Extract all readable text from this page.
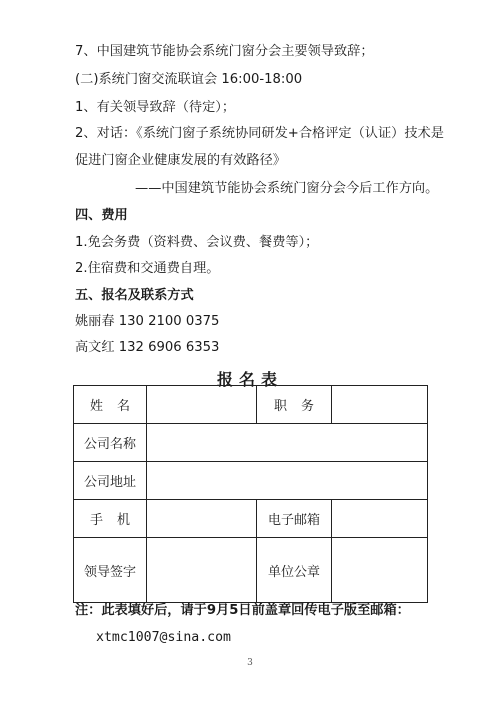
7、中国建筑节能协会系统门窗分会主要领导致辞；
(二)系统门窗交流联谊会 16:00-18:00
1、有关领导致辞（待定）；
2、对话：《系统门窗子系统协同研发+合格评定（认证）技术是
促进门窗企业健康发展的有效路径》
——中国建筑节能协会系统门窗分会今后工作方向。
四、费用
1.免会务费（资料费、会议费、餐费等）；
2.住宿费和交通费自理。
五、报名及联系方式
姚丽春 130 2100 0375
高文红 132 6906 6353
报名表
姓名		职务	
公司名称			
公司地址			
手机		电子邮箱	
领导签字		单位公章	
注：此表填好后，请于9月5日前盖章回传电子版至邮箱：
xtmc1007@sina.com
3
